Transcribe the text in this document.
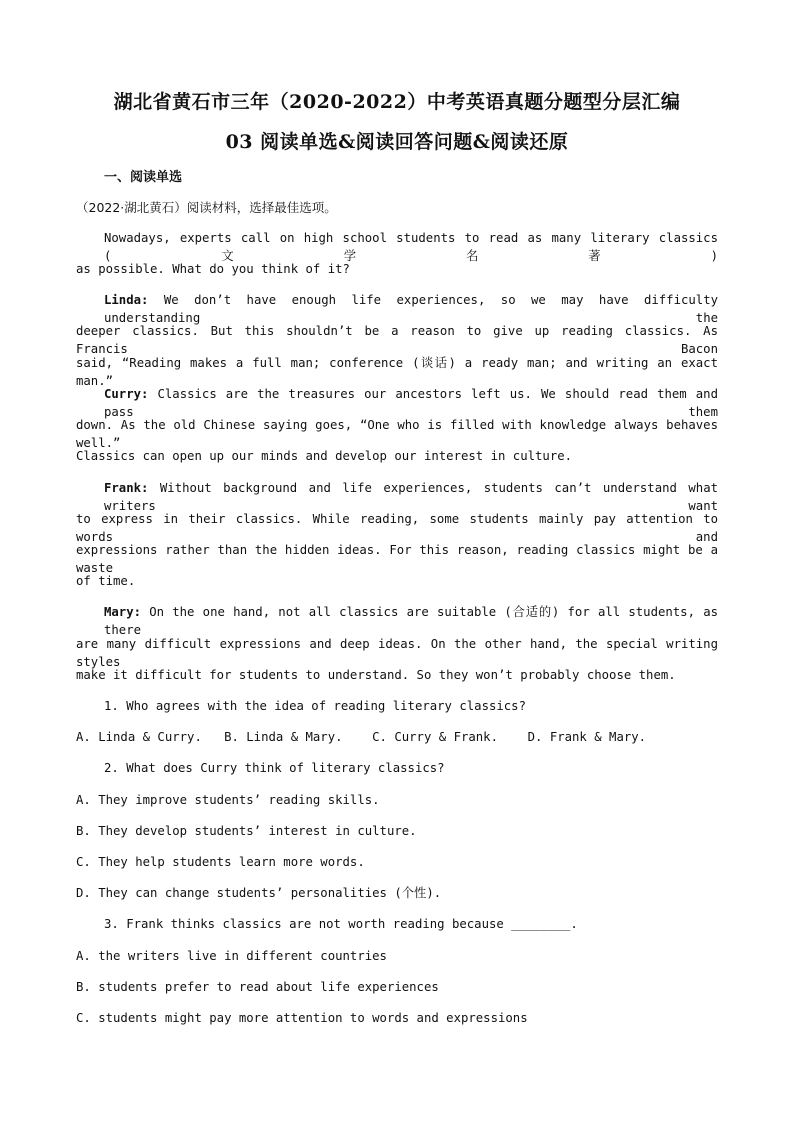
湖北省黄石市三年（2020-2022）中考英语真题分题型分层汇编
03 阅读单选&阅读回答问题&阅读还原
一、阅读单选
（2022·湖北黄石）阅读材料，选择最佳选项。
Nowadays, experts call on high school students to read as many literary classics (文学名著)
as possible. What do you think of it?
Linda: We don’t have enough life experiences, so we may have difficulty understanding the
deeper classics. But this shouldn’t be a reason to give up reading classics. As Francis Bacon
said, “Reading makes a full man; conference (谈话) a ready man; and writing an exact man.”
Curry: Classics are the treasures our ancestors left us. We should read them and pass them
down. As the old Chinese saying goes, “One who is filled with knowledge always behaves well.”
Classics can open up our minds and develop our interest in culture.
Frank: Without background and life experiences, students can’t understand what writers want
to express in their classics. While reading, some students mainly pay attention to words and
expressions rather than the hidden ideas. For this reason, reading classics might be a waste
of time.
Mary: On the one hand, not all classics are suitable (合适的) for all students, as there
are many difficult expressions and deep ideas. On the other hand, the special writing styles
make it difficult for students to understand. So they won’t probably choose them.
1. Who agrees with the idea of reading literary classics?
A. Linda & Curry.   B. Linda & Mary.    C. Curry & Frank.    D. Frank & Mary.
2. What does Curry think of literary classics?
A. They improve students’ reading skills.
B. They develop students’ interest in culture.
C. They help students learn more words.
D. They can change students’ personalities (个性).
3. Frank thinks classics are not worth reading because ________.
A. the writers live in different countries
B. students prefer to read about life experiences
C. students might pay more attention to words and expressions
